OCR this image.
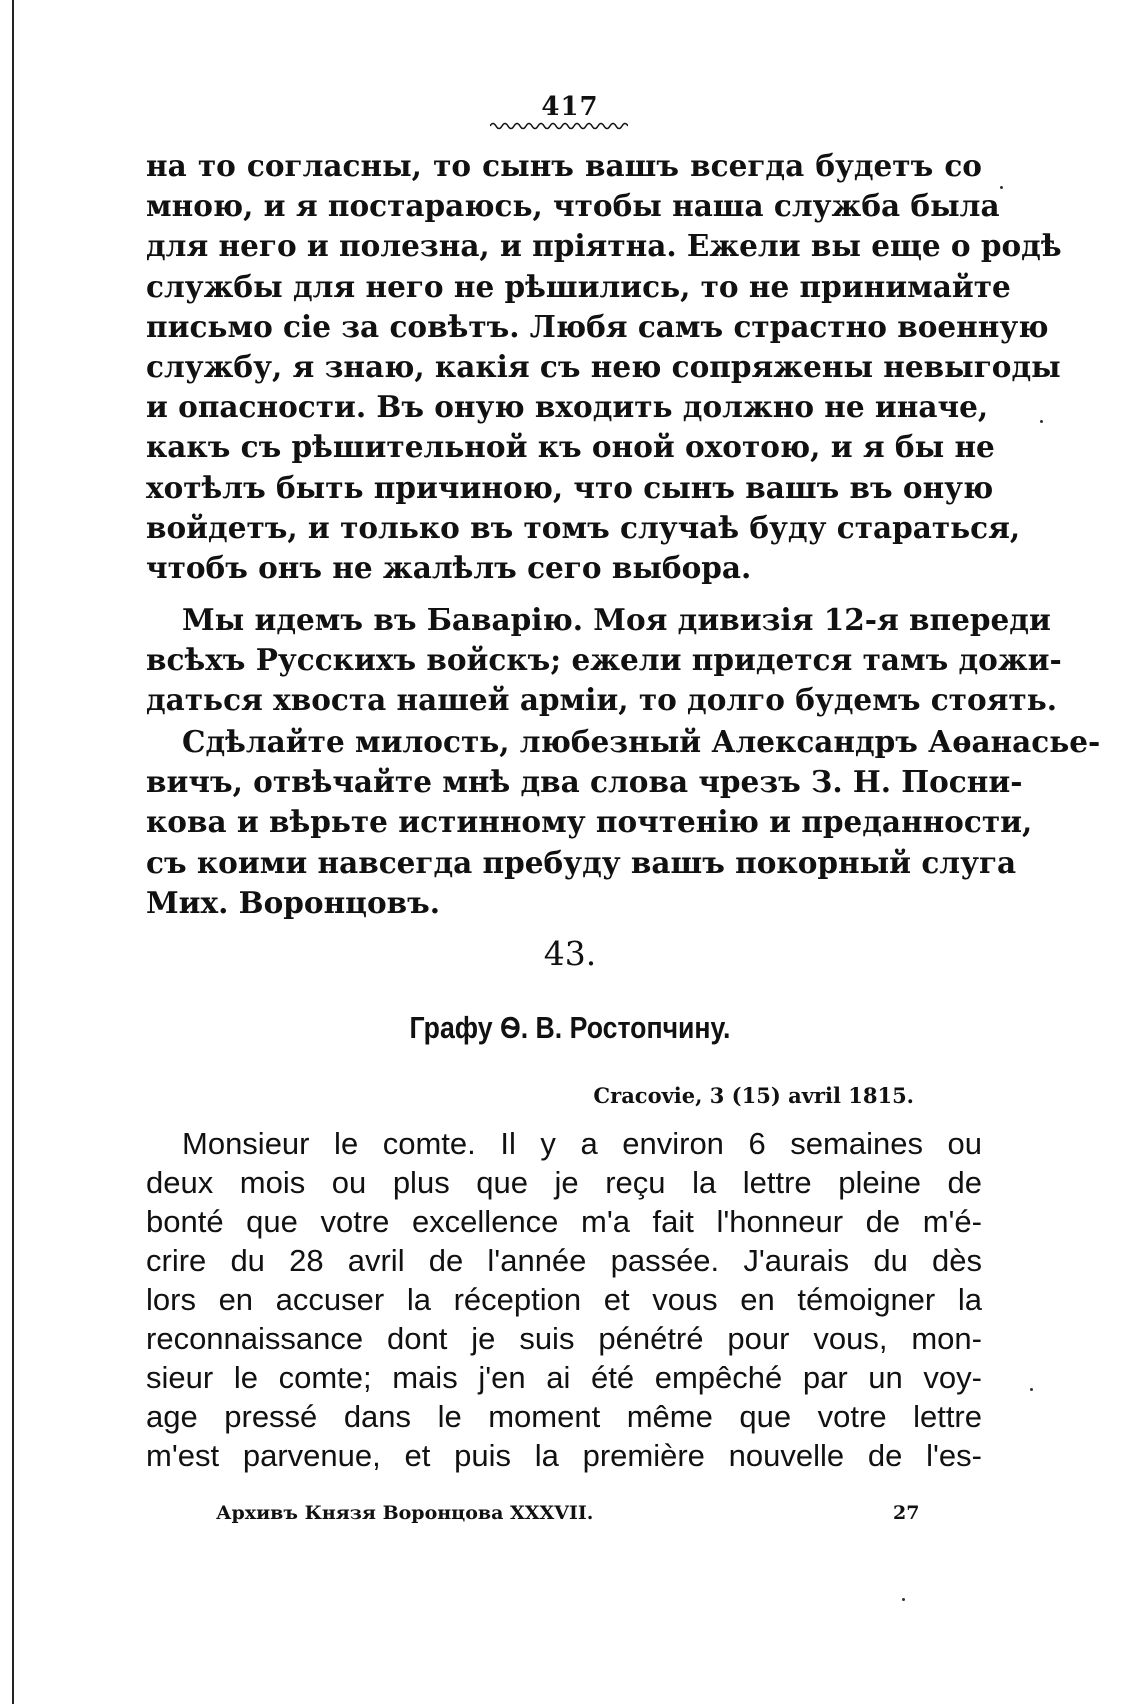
417
на то согласны, то сынъ вашъ всегда будетъ со
мною, и я постараюсь, чтобы наша служба была
для него и полезна, и пріятна. Ежели вы еще о родѣ
службы для него не рѣшились, то не принимайте
письмо сіе за совѣтъ. Любя самъ страстно военную
службу, я знаю, какія съ нею сопряжены невыгоды
и опасности. Въ оную входить должно не иначе,
какъ съ рѣшительной къ оной охотою, и я бы не
хотѣлъ быть причиною, что сынъ вашъ въ оную
войдетъ, и только въ томъ случаѣ буду стараться,
чтобъ онъ не жалѣлъ сего выбора.
Мы идемъ въ Баварію. Моя дивизія 12-я впереди
всѣхъ Русскихъ войскъ; ежели придется тамъ дожи-
даться хвоста нашей арміи, то долго будемъ стоять.
Сдѣлайте милость, любезный Александръ Аѳанасье-
вичъ, отвѣчайте мнѣ два слова чрезъ З. Н. Посни-
кова и вѣрьте истинному почтенію и преданности,
съ коими навсегда пребуду вашъ покорный слуга
Мих. Воронцовъ.
43.
Графу Ѳ. В. Ростопчину.
Cracovie, 3 (15) avril 1815.
Monsieur le comte. Il y a environ 6 semaines ou
deux mois ou plus que je reçu la lettre pleine de
bonté que votre excellence m'a fait l'honneur de m'é-
crire du 28 avril de l'année passée. J'aurais du dès
lors en accuser la réception et vous en témoigner la
reconnaissance dont je suis pénétré pour vous, mon-
sieur le comte; mais j'en ai été empêché par un voy-
age pressé dans le moment même que votre lettre
m'est parvenue, et puis la première nouvelle de l'es-
Архивъ Князя Воронцова XXXVII.	27
